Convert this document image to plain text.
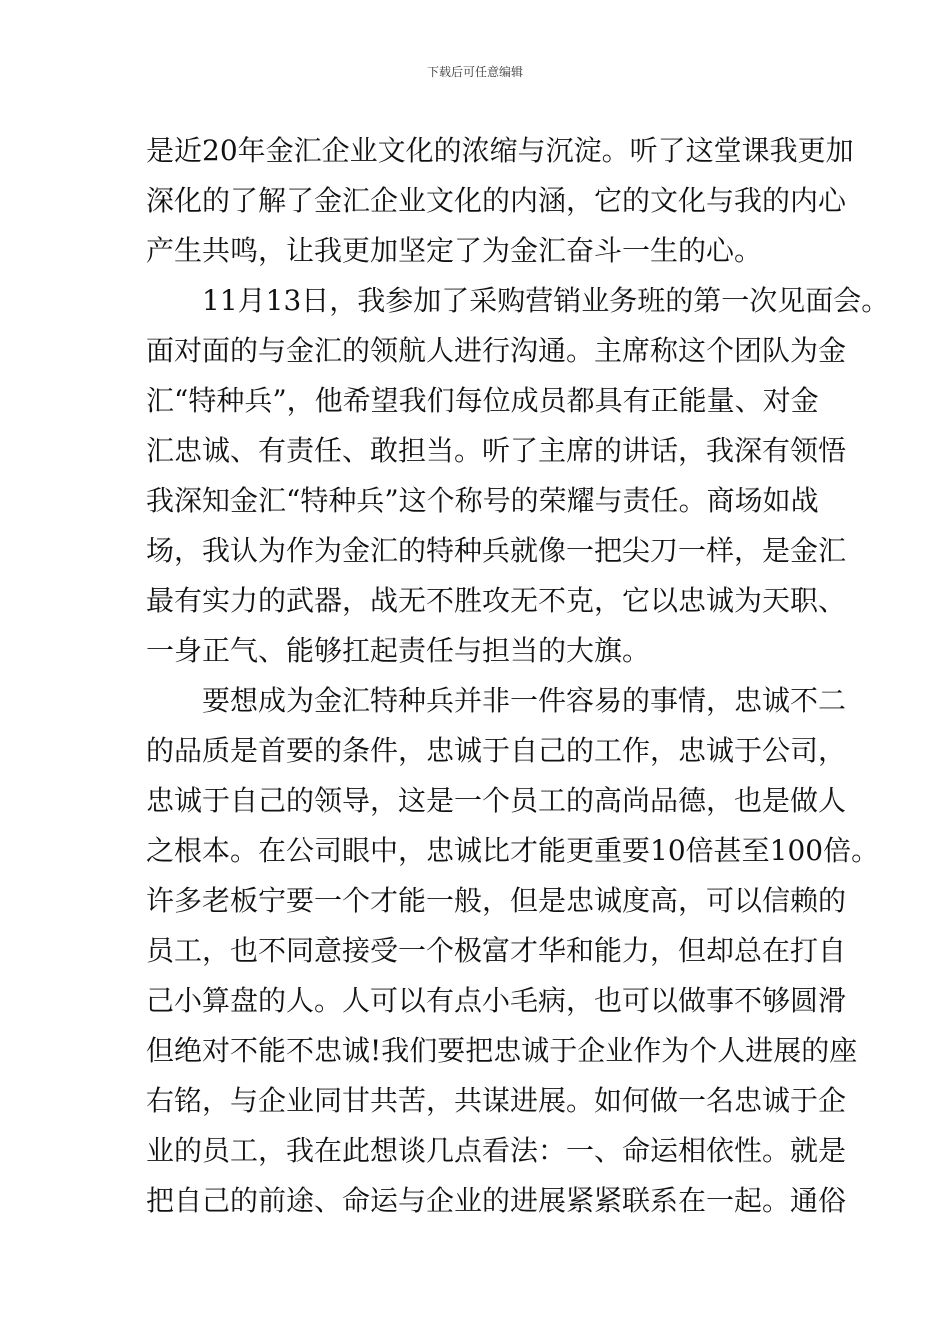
下载后可任意编辑
是近20年金汇企业文化的浓缩与沉淀。听了这堂课我更加
深化的了解了金汇企业文化的内涵，它的文化与我的内心
产生共鸣，让我更加坚定了为金汇奋斗一生的心。
11月13日，我参加了采购营销业务班的第一次见面会。
面对面的与金汇的领航人进行沟通。主席称这个团队为金
汇“特种兵”，他希望我们每位成员都具有正能量、对金
汇忠诚、有责任、敢担当。听了主席的讲话，我深有领悟
我深知金汇“特种兵”这个称号的荣耀与责任。商场如战
场，我认为作为金汇的特种兵就像一把尖刀一样，是金汇
最有实力的武器，战无不胜攻无不克，它以忠诚为天职、
一身正气、能够扛起责任与担当的大旗。
要想成为金汇特种兵并非一件容易的事情，忠诚不二
的品质是首要的条件，忠诚于自己的工作，忠诚于公司，
忠诚于自己的领导，这是一个员工的高尚品德，也是做人
之根本。在公司眼中，忠诚比才能更重要10倍甚至100倍。
许多老板宁要一个才能一般，但是忠诚度高，可以信赖的
员工，也不同意接受一个极富才华和能力，但却总在打自
己小算盘的人。人可以有点小毛病，也可以做事不够圆滑
但绝对不能不忠诚!我们要把忠诚于企业作为个人进展的座
右铭，与企业同甘共苦，共谋进展。如何做一名忠诚于企
业的员工，我在此想谈几点看法：一、命运相依性。就是
把自己的前途、命运与企业的进展紧紧联系在一起。通俗
